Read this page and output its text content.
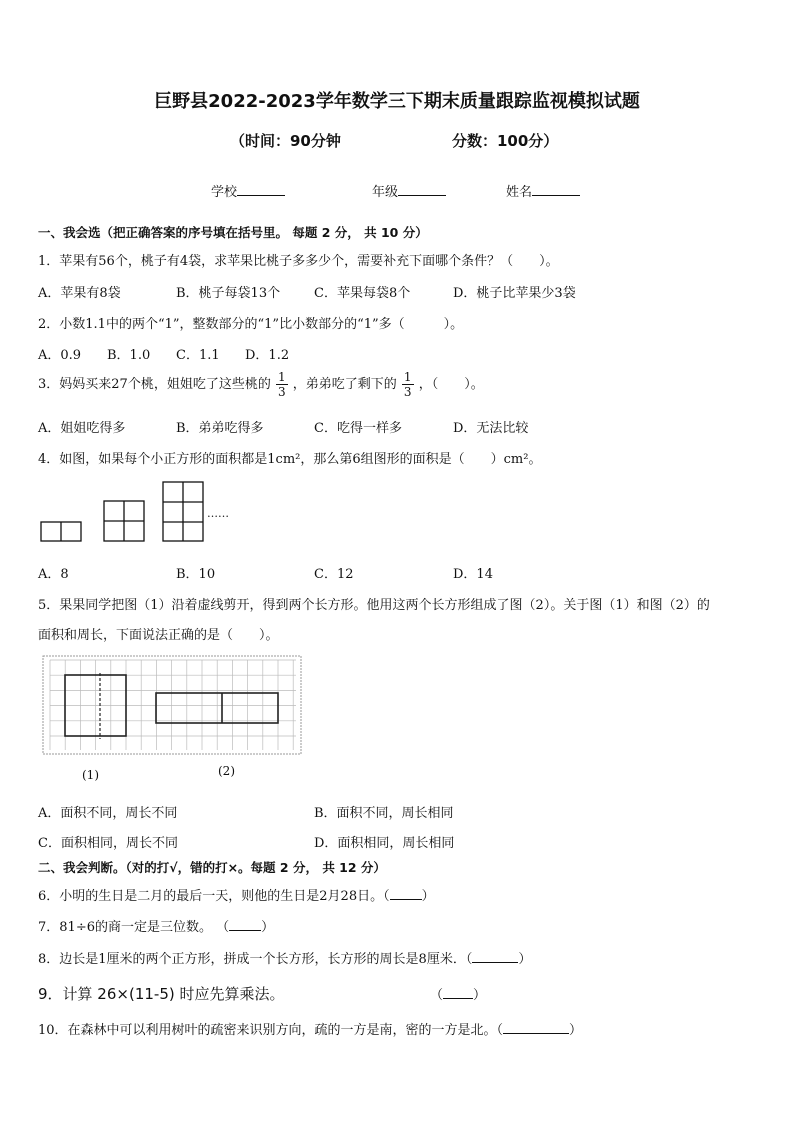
巨野县2022-2023学年数学三下期末质量跟踪监视模拟试题
（时间：90分钟	分数：100分）
学校	年级	姓名
一、我会选（把正确答案的序号填在括号里。 每题 2 分， 共 10 分）
1．苹果有56个，桃子有4袋，求苹果比桃子多多少个，需要补充下面哪个条件？（　　）。
A．苹果有8袋	B．桃子每袋13个	C．苹果每袋8个	D．桃子比苹果少3袋
2．小数1.1中的两个“1”，整数部分的“1”比小数部分的“1”多（　　　）。
A．0.9 B．1.0 C．1.1 D．1.2
3．妈妈买来27个桃，姐姐吃了这些桃的 $\frac{1}{3}$ ，弟弟吃了剩下的 $\frac{1}{3}$ ，（　　）。
A．姐姐吃得多	B．弟弟吃得多	C．吃得一样多	D．无法比较
4．如图，如果每个小正方形的面积都是1cm²，那么第6组图形的面积是（　　）cm²。
……
A．8	B．10	C．12	D．14
5．果果同学把图（1）沿着虚线剪开，得到两个长方形。他用这两个长方形组成了图（2）。关于图（1）和图（2）的
面积和周长，下面说法正确的是（　　）。
(1)	(2)
A．面积不同，周长不同	B．面积不同，周长相同
C．面积相同，周长不同	D．面积相同，周长相同
二、我会判断。（对的打√，错的打×。每题 2 分， 共 12 分）
6．小明的生日是二月的最后一天，则他的生日是2月28日。（ ）
7．81÷6的商一定是三位数。 （ ）
8．边长是1厘米的两个正方形，拼成一个长方形，长方形的周长是8厘米．（	）
9．计算 26×(11-5) 时应先算乘法。	（ ）
10．在森林中可以利用树叶的疏密来识别方向，疏的一方是南，密的一方是北。（	）
